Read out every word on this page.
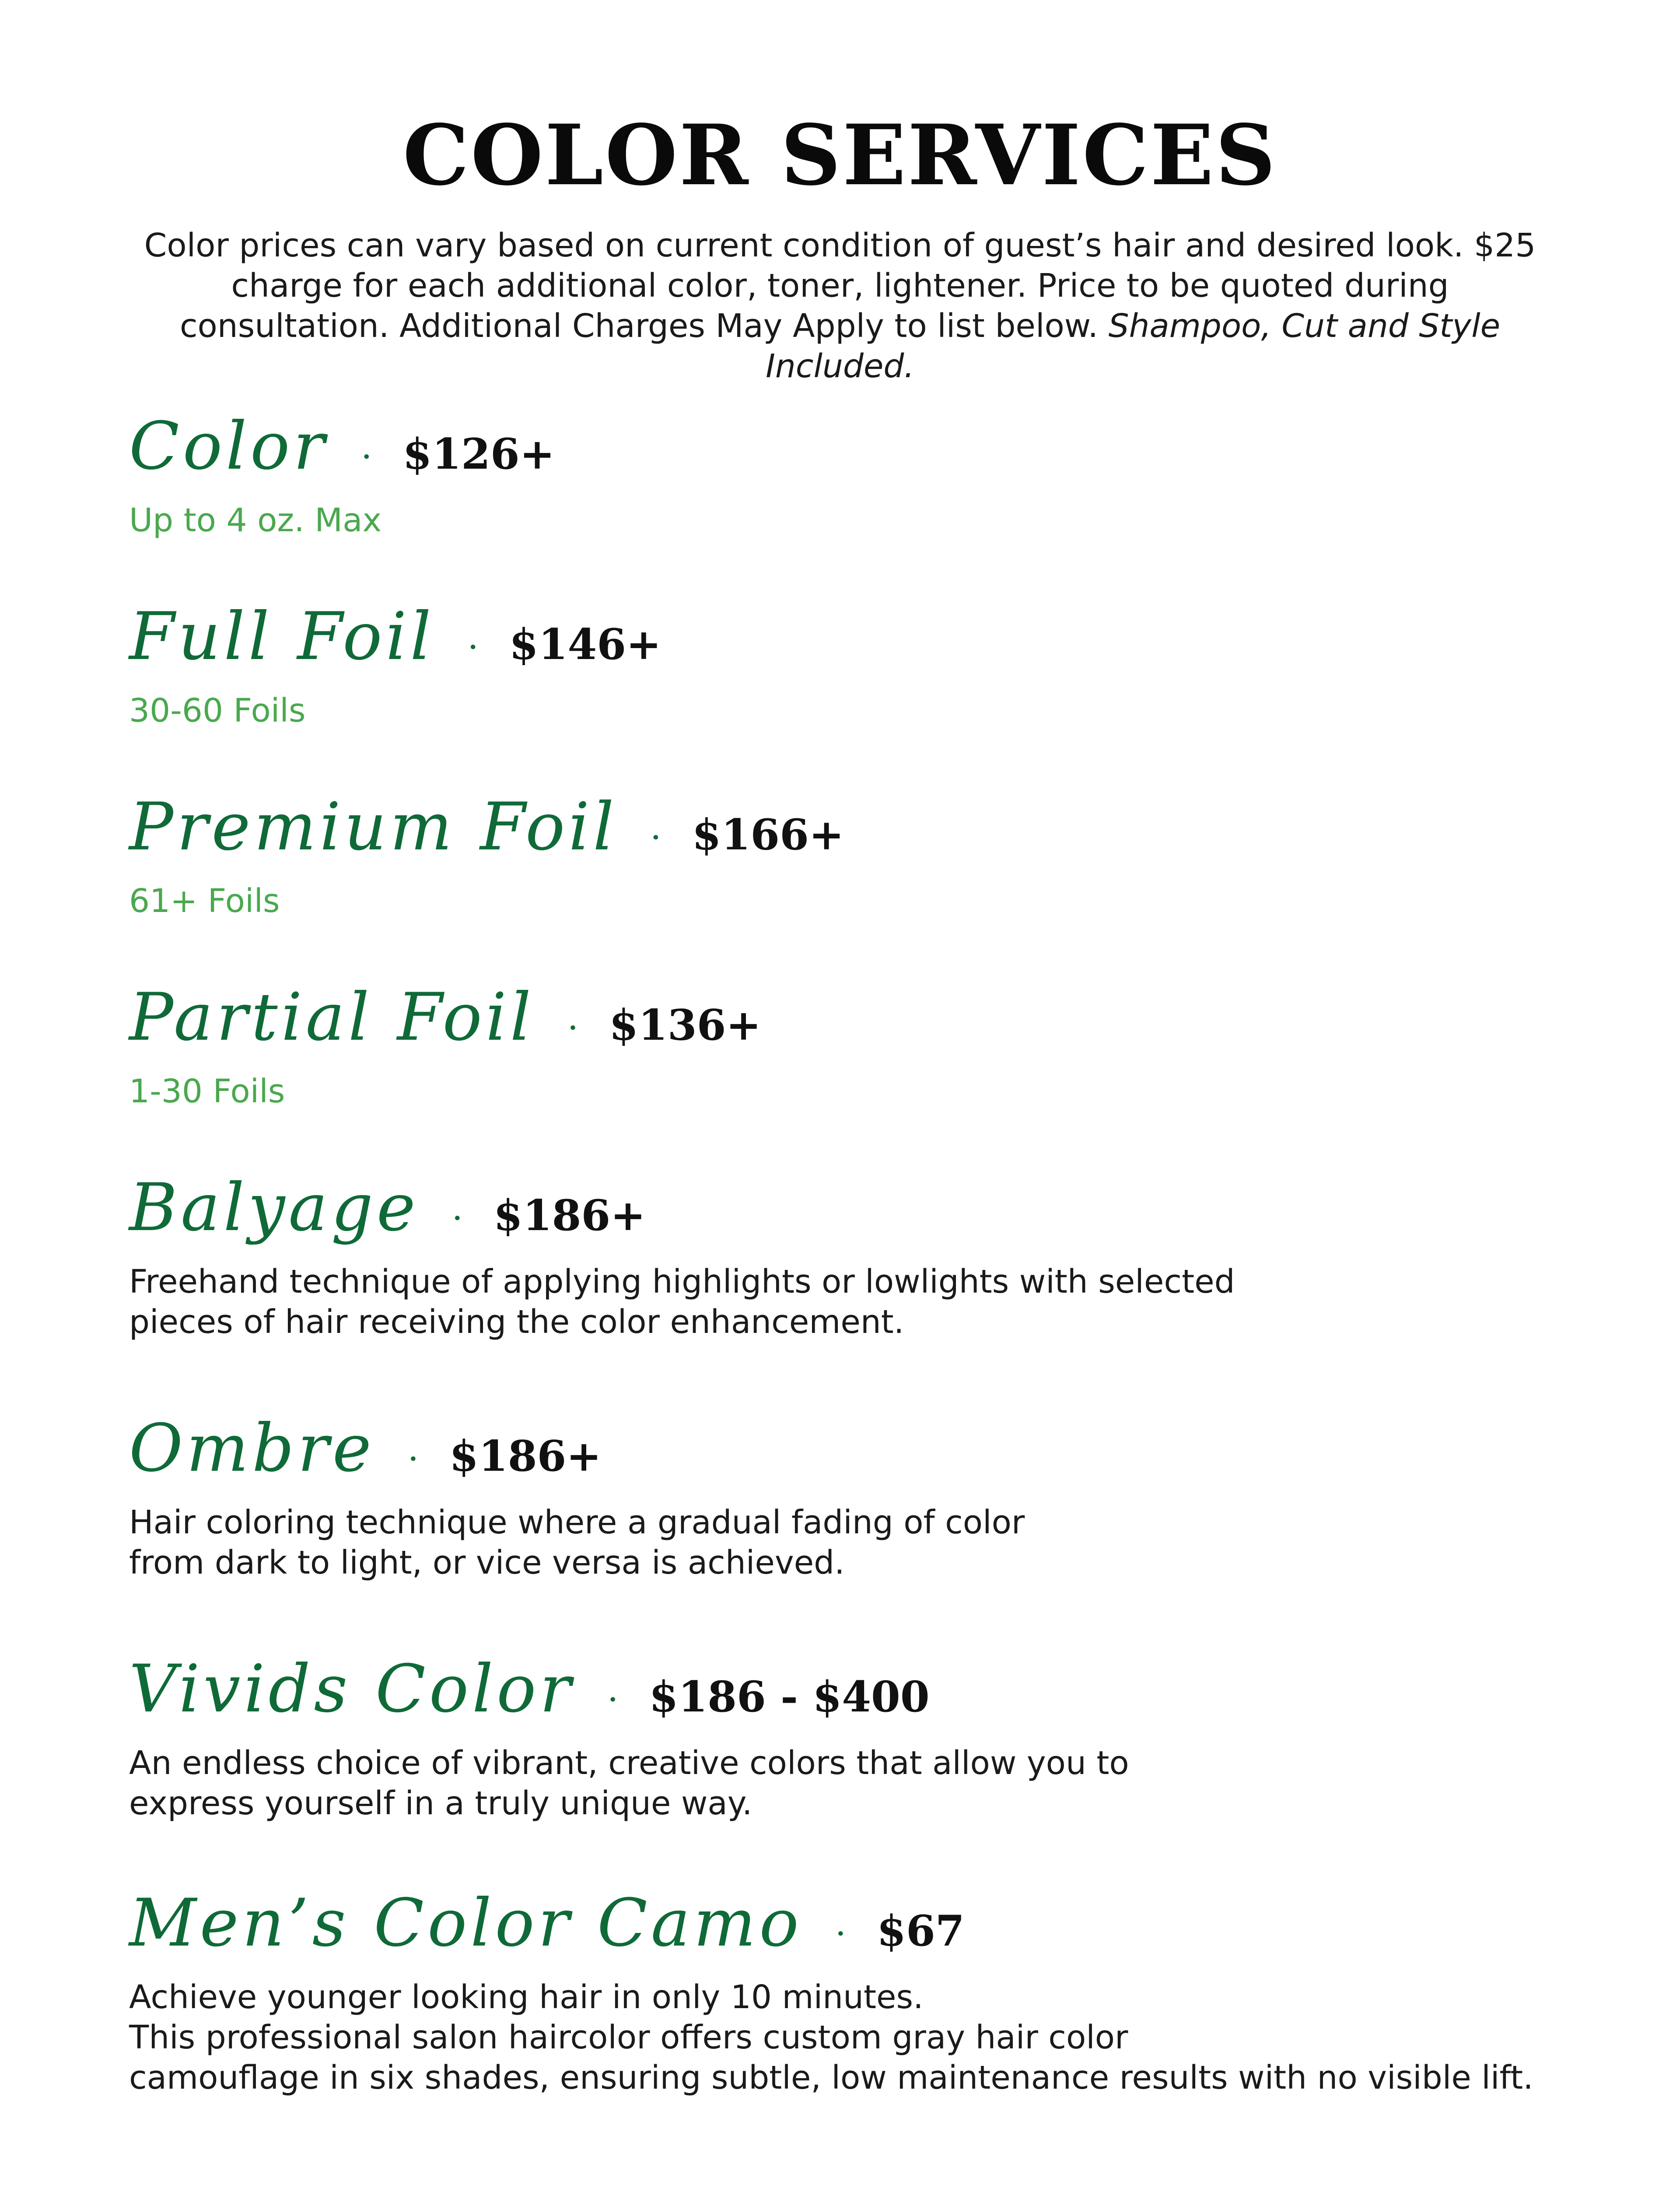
COLOR SERVICES

Color prices can vary based on current condition of guest’s hair and desired look. $25 charge for each additional color, toner, lightener. Price to be quoted during consultation. Additional Charges May Apply to list below. Shampoo, Cut and Style Included.

Color · $126+
Up to 4 oz. Max
Full Foil · $146+
30-60 Foils
Premium Foil · $166+
61+ Foils
Partial Foil · $136+
1-30 Foils
Balyage · $186+
Freehand technique of applying highlights or lowlights with selected
pieces of hair receiving the color enhancement.
Ombre · $186+
Hair coloring technique where a gradual fading of color
from dark to light, or vice versa is achieved.
Vivids Color · $186 - $400
An endless choice of vibrant, creative colors that allow you to
express yourself in a truly unique way.
Men’s Color Camo · $67
Achieve younger looking hair in only 10 minutes.
This professional salon haircolor offers custom gray hair color
camouflage in six shades, ensuring subtle, low maintenance results with no visible lift.
